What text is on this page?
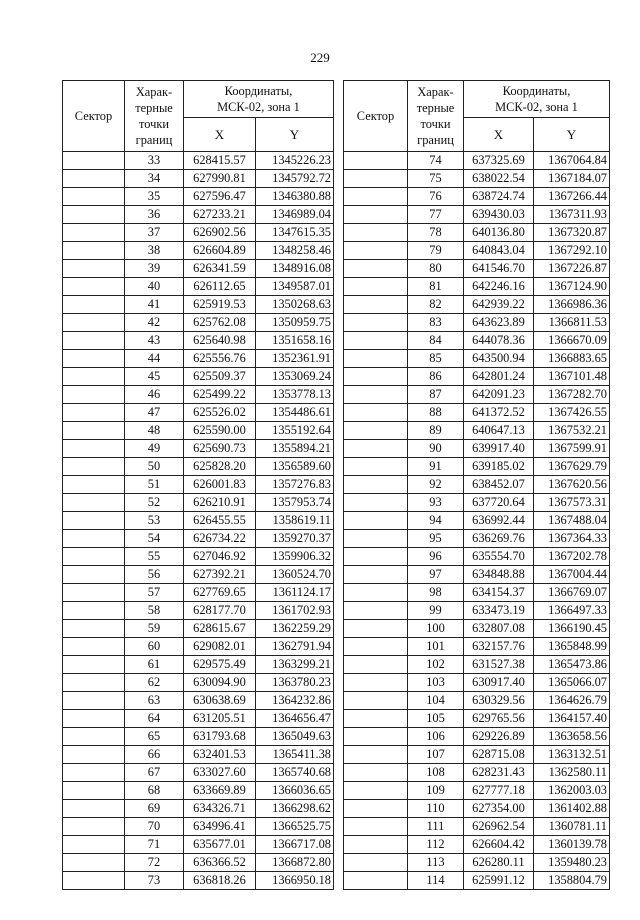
229
Сектор	Харак-
терные
точки
границ	Координаты,
МСК-02, зона 1	
		X	Y
	33	628415.57	1345226.23
	34	627990.81	1345792.72
	35	627596.47	1346380.88
	36	627233.21	1346989.04
	37	626902.56	1347615.35
	38	626604.89	1348258.46
	39	626341.59	1348916.08
	40	626112.65	1349587.01
	41	625919.53	1350268.63
	42	625762.08	1350959.75
	43	625640.98	1351658.16
	44	625556.76	1352361.91
	45	625509.37	1353069.24
	46	625499.22	1353778.13
	47	625526.02	1354486.61
	48	625590.00	1355192.64
	49	625690.73	1355894.21
	50	625828.20	1356589.60
	51	626001.83	1357276.83
	52	626210.91	1357953.74
	53	626455.55	1358619.11
	54	626734.22	1359270.37
	55	627046.92	1359906.32
	56	627392.21	1360524.70
	57	627769.65	1361124.17
	58	628177.70	1361702.93
	59	628615.67	1362259.29
	60	629082.01	1362791.94
	61	629575.49	1363299.21
	62	630094.90	1363780.23
	63	630638.69	1364232.86
	64	631205.51	1364656.47
	65	631793.68	1365049.63
	66	632401.53	1365411.38
	67	633027.60	1365740.68
	68	633669.89	1366036.65
	69	634326.71	1366298.62
	70	634996.41	1366525.75
	71	635677.01	1366717.08
	72	636366.52	1366872.80
	73	636818.26	1366950.18
Сектор	Харак-
терные
точки
границ	Координаты,
МСК-02, зона 1	
		X	Y
	74	637325.69	1367064.84
	75	638022.54	1367184.07
	76	638724.74	1367266.44
	77	639430.03	1367311.93
	78	640136.80	1367320.87
	79	640843.04	1367292.10
	80	641546.70	1367226.87
	81	642246.16	1367124.90
	82	642939.22	1366986.36
	83	643623.89	1366811.53
	84	644078.36	1366670.09
	85	643500.94	1366883.65
	86	642801.24	1367101.48
	87	642091.23	1367282.70
	88	641372.52	1367426.55
	89	640647.13	1367532.21
	90	639917.40	1367599.91
	91	639185.02	1367629.79
	92	638452.07	1367620.56
	93	637720.64	1367573.31
	94	636992.44	1367488.04
	95	636269.76	1367364.33
	96	635554.70	1367202.78
	97	634848.88	1367004.44
	98	634154.37	1366769.07
	99	633473.19	1366497.33
	100	632807.08	1366190.45
	101	632157.76	1365848.99
	102	631527.38	1365473.86
	103	630917.40	1365066.07
	104	630329.56	1364626.79
	105	629765.56	1364157.40
	106	629226.89	1363658.56
	107	628715.08	1363132.51
	108	628231.43	1362580.11
	109	627777.18	1362003.03
	110	627354.00	1361402.88
	111	626962.54	1360781.11
	112	626604.42	1360139.78
	113	626280.11	1359480.23
	114	625991.12	1358804.79
